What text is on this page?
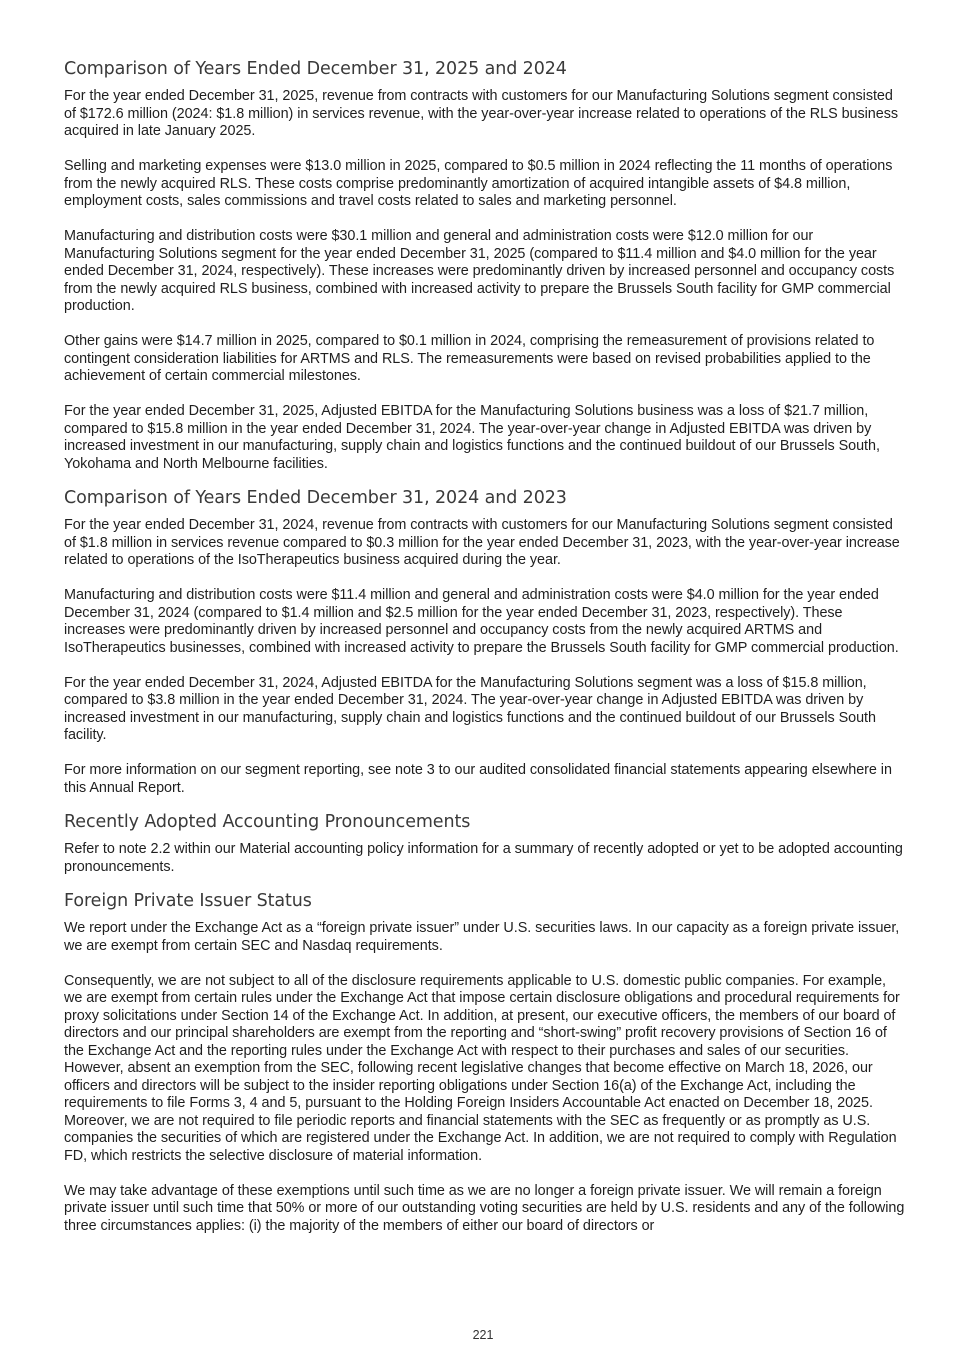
Comparison of Years Ended December 31, 2025 and 2024

For the year ended December 31, 2025, revenue from contracts with customers for our Manufacturing Solutions segment consisted of $172.6 million (2024: $1.8 million) in services revenue, with the year-over-year increase related to operations of the RLS business acquired in late January 2025.

Selling and marketing expenses were $13.0 million in 2025, compared to $0.5 million in 2024 reflecting the 11 months of operations from the newly acquired RLS. These costs comprise predominantly amortization of acquired intangible assets of $4.8 million, employment costs, sales commissions and travel costs related to sales and marketing personnel.

Manufacturing and distribution costs were $30.1 million and general and administration costs were $12.0 million for our Manufacturing Solutions segment for the year ended December 31, 2025 (compared to $11.4 million and $4.0 million for the year ended December 31, 2024, respectively). These increases were predominantly driven by increased personnel and occupancy costs from the newly acquired RLS business, combined with increased activity to prepare the Brussels South facility for GMP commercial production.

Other gains were $14.7 million in 2025, compared to $0.1 million in 2024, comprising the remeasurement of provisions related to contingent consideration liabilities for ARTMS and RLS. The remeasurements were based on revised probabilities applied to the achievement of certain commercial milestones.

For the year ended December 31, 2025, Adjusted EBITDA for the Manufacturing Solutions business was a loss of $21.7 million, compared to $15.8 million in the year ended December 31, 2024. The year-over-year change in Adjusted EBITDA was driven by increased investment in our manufacturing, supply chain and logistics functions and the continued buildout of our Brussels South, Yokohama and North Melbourne facilities.

Comparison of Years Ended December 31, 2024 and 2023

For the year ended December 31, 2024, revenue from contracts with customers for our Manufacturing Solutions segment consisted of $1.8 million in services revenue compared to $0.3 million for the year ended December 31, 2023, with the year-over-year increase related to operations of the IsoTherapeutics business acquired during the year.

Manufacturing and distribution costs were $11.4 million and general and administration costs were $4.0 million for the year ended December 31, 2024 (compared to $1.4 million and $2.5 million for the year ended December 31, 2023, respectively). These increases were predominantly driven by increased personnel and occupancy costs from the newly acquired ARTMS and IsoTherapeutics businesses, combined with increased activity to prepare the Brussels South facility for GMP commercial production.

For the year ended December 31, 2024, Adjusted EBITDA for the Manufacturing Solutions segment was a loss of $15.8 million, compared to $3.8 million in the year ended December 31, 2024. The year-over-year change in Adjusted EBITDA was driven by increased investment in our manufacturing, supply chain and logistics functions and the continued buildout of our Brussels South facility.

For more information on our segment reporting, see note 3 to our audited consolidated financial statements appearing elsewhere in this Annual Report.

Recently Adopted Accounting Pronouncements

Refer to note 2.2 within our Material accounting policy information for a summary of recently adopted or yet to be adopted accounting pronouncements.

Foreign Private Issuer Status

We report under the Exchange Act as a “foreign private issuer” under U.S. securities laws. In our capacity as a foreign private issuer, we are exempt from certain SEC and Nasdaq requirements.

Consequently, we are not subject to all of the disclosure requirements applicable to U.S. domestic public companies. For example, we are exempt from certain rules under the Exchange Act that impose certain disclosure obligations and procedural requirements for proxy solicitations under Section 14 of the Exchange Act. In addition, at present, our executive officers, the members of our board of directors and our principal shareholders are exempt from the reporting and “short-swing” profit recovery provisions of Section 16 of the Exchange Act and the reporting rules under the Exchange Act with respect to their purchases and sales of our securities. However, absent an exemption from the SEC, following recent legislative changes that become effective on March 18, 2026, our officers and directors will be subject to the insider reporting obligations under Section 16(a) of the Exchange Act, including the requirements to file Forms 3, 4 and 5, pursuant to the Holding Foreign Insiders Accountable Act enacted on December 18, 2025. Moreover, we are not required to file periodic reports and financial statements with the SEC as frequently or as promptly as U.S. companies the securities of which are registered under the Exchange Act. In addition, we are not required to comply with Regulation FD, which restricts the selective disclosure of material information.

We may take advantage of these exemptions until such time as we are no longer a foreign private issuer. We will remain a foreign private issuer until such time that 50% or more of our outstanding voting securities are held by U.S. residents and any of the following three circumstances applies: (i) the majority of the members of either our board of directors or

221
